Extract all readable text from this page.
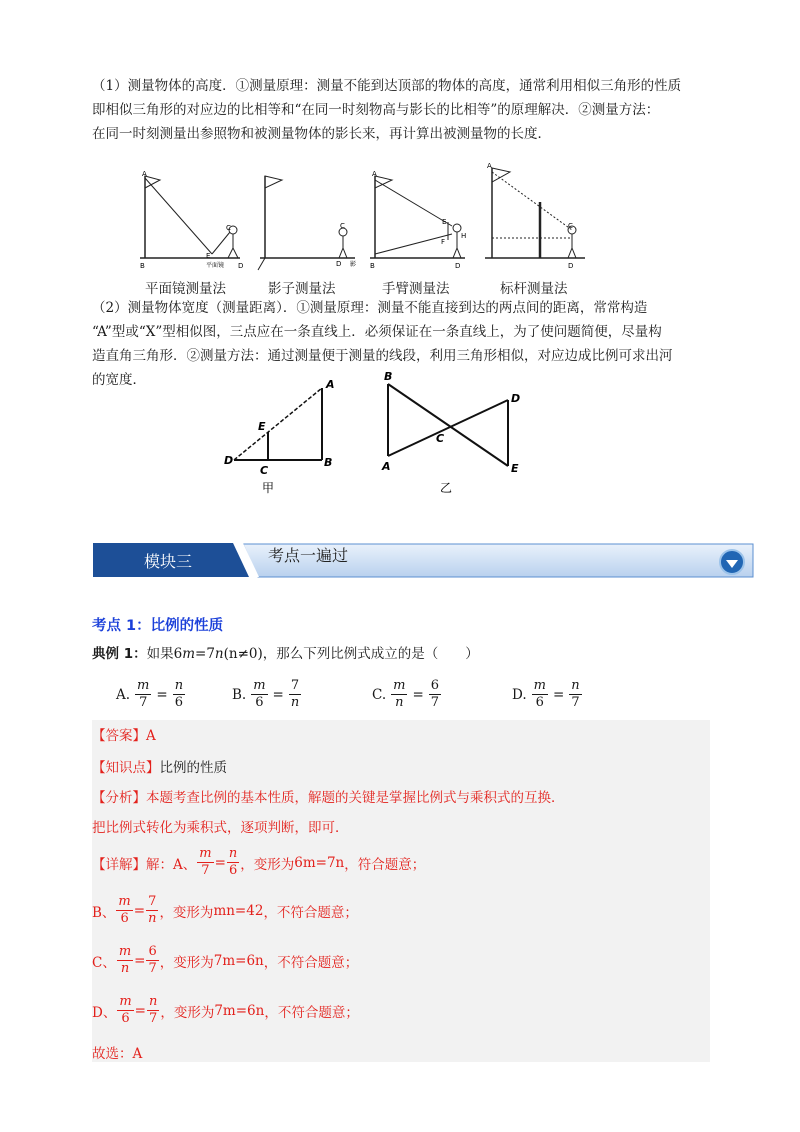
（1）测量物体的高度．①测量原理：测量不能到达顶部的物体的高度，通常利用相似三角形的性质
即相似三角形的对应边的比相等和“在同一时刻物高与影长的比相等”的原理解决．②测量方法：
在同一时刻测量出参照物和被测量物体的影长来，再计算出被测量物的长度．
A
B
C
D
E
平面镜
C
D 影
A
B
E
F
H
D
A
C
D
平面镜测量法	影子测量法	手臂测量法	标杆测量法
（2）测量物体宽度（测量距离）．①测量原理：测量不能直接到达的两点间的距离，常常构造
“A”型或“X”型相似图，三点应在一条直线上．必须保证在一条直线上，为了使问题简便，尽量构
造直角三角形．②测量方法：通过测量便于测量的线段，利用三角形相似，对应边成比例可求出河
的宽度．	A
D
E
C
B
甲
B
A
C
D
E
乙
模块三	考点一遍过
考点 1：比例的性质
典例 1：如果6m=7n(n≠0)，那么下列比例式成立的是（　　）
A. $\frac{m}{7} = \frac{n}{6}$	B. $\frac{m}{6} = \frac{7}{n}$	C. $\frac{m}{n} = \frac{6}{7}$	D. $\frac{m}{6} = \frac{n}{7}$
【答案】A
【知识点】 比例的性质
【分析】 本题考查比例的基本性质，解题的关键是掌握比例式与乘积式的互换．
把比例式转化为乘积式，逐项判断，即可．
【详解】 解：A、 $\frac{m}{7} = \frac{n}{6}$ ，变形为 6m=7n ，符合题意；
B、 $\frac{m}{6} = \frac{7}{n}$ ，变形为 mn=42 ，不符合题意；
C、 $\frac{m}{n} = \frac{6}{7}$ ，变形为 7m=6n ，不符合题意；
D、 $\frac{m}{6} = \frac{n}{7}$ ，变形为 7m=6n ，不符合题意；
故选：A
